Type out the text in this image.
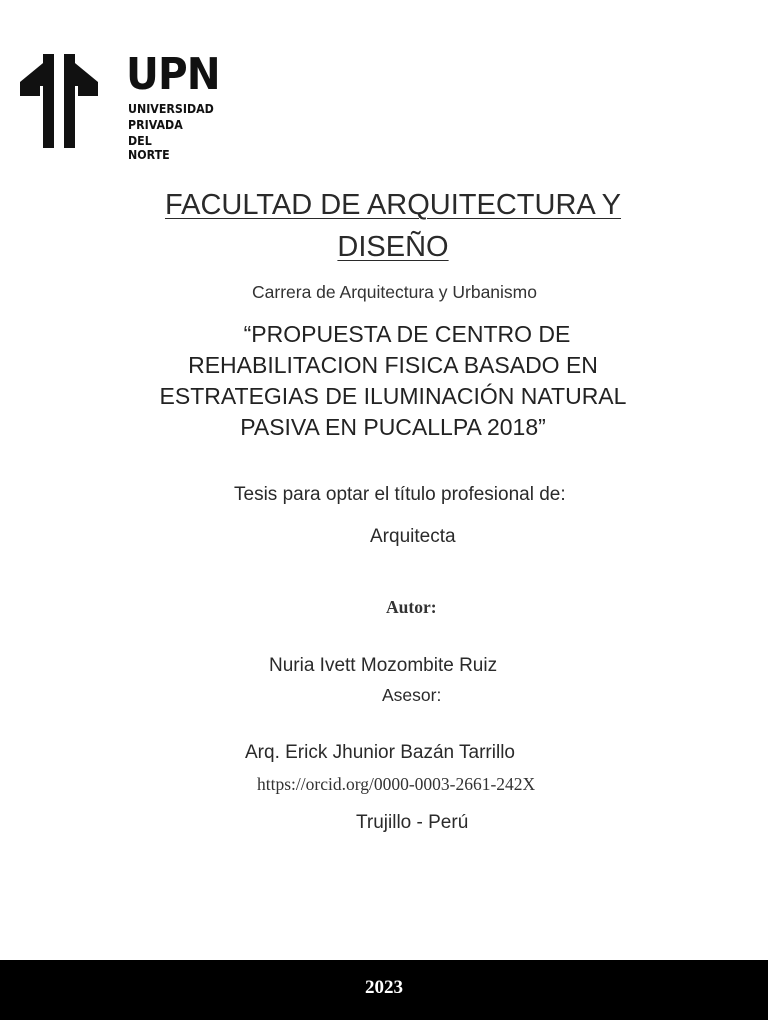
UPN
UNIVERSIDAD
PRIVADA
DEL NORTE
FACULTAD DE ARQUITECTURA Y
DISEÑO
Carrera de Arquitectura y Urbanismo
“PROPUESTA DE CENTRO DE
REHABILITACION FISICA BASADO EN
ESTRATEGIAS DE ILUMINACIÓN NATURAL
PASIVA EN PUCALLPA 2018”
Tesis para optar el título profesional de:
Arquitecta
Autor:
Nuria Ivett Mozombite Ruiz
Asesor:
Arq. Erick Jhunior Bazán Tarrillo
https://orcid.org/0000-0003-2661-242X
Trujillo - Perú
2023
